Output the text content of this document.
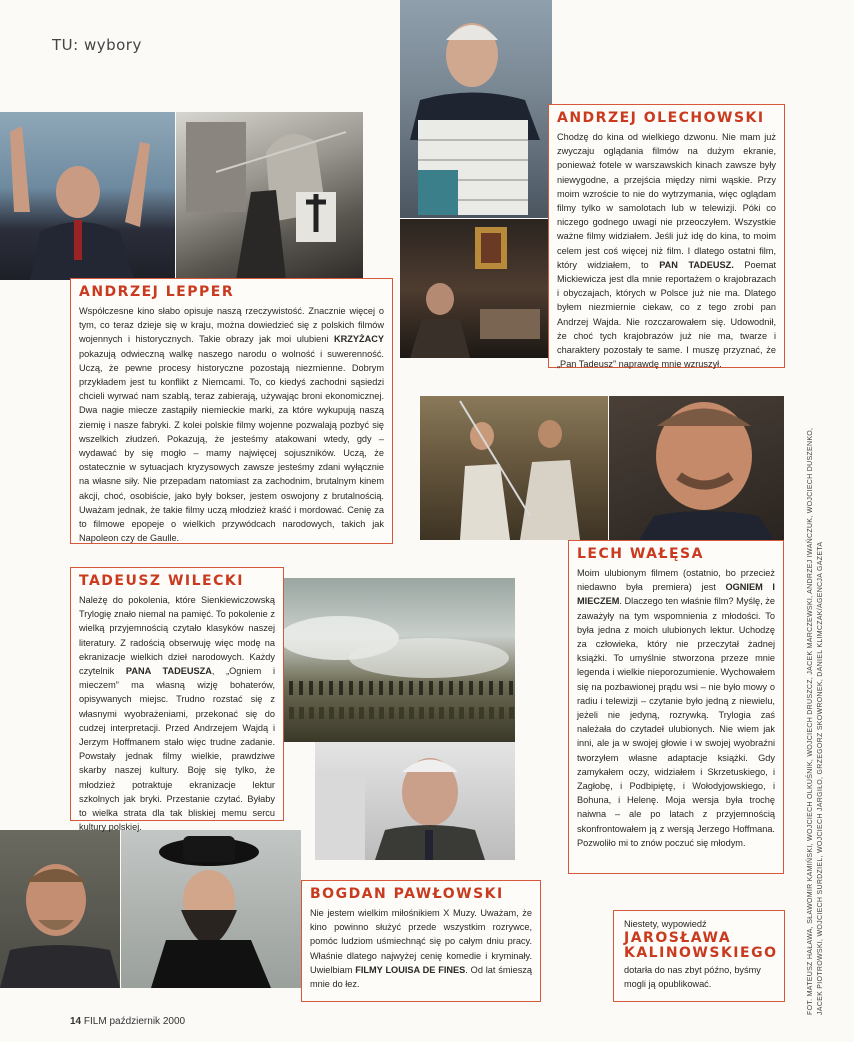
TU: wybory
ANDRZEJ LEPPER

Współczesne kino słabo opisuje naszą rzeczywistość. Znacznie więcej o tym, co teraz dzieje się w kraju, można dowiedzieć się z polskich filmów wojennych i historycznych. Takie obrazy jak moi ulubieni KRZYŻACY pokazują odwieczną walkę naszego narodu o wolność i suwerenność. Uczą, że pewne procesy historyczne pozostają niezmienne. Dobrym przykładem jest tu konflikt z Niemcami. To, co kiedyś zachodni sąsiedzi chcieli wyrwać nam szablą, teraz zabierają, używając broni ekonomicznej. Dwa nagie miecze zastąpiły niemieckie marki, za które wykupują naszą ziemię i nasze fabryki. Z kolei polskie filmy wojenne pozwalają pozbyć się wszelkich złudzeń. Pokazują, że jesteśmy atakowani wtedy, gdy – wydawać by się mogło – mamy najwięcej sojuszników. Uczą, że ostatecznie w sytuacjach kryzysowych zawsze jesteśmy zdani wyłącznie na własne siły. Nie przepadam natomiast za zachodnim, brutalnym kinem akcji, choć, osobiście, jako były bokser, jestem oswojony z brutalnością. Uważam jednak, że takie filmy uczą młodzież kraść i mordować. Cenię za to filmowe epopeje o wielkich przywódcach narodowych, takich jak Napoleon czy de Gaulle.

ANDRZEJ OLECHOWSKI

Chodzę do kina od wielkiego dzwonu. Nie mam już zwyczaju oglądania filmów na dużym ekranie, ponieważ fotele w warszawskich kinach zawsze były niewygodne, a przejścia między nimi wąskie. Przy moim wzroście to nie do wytrzymania, więc oglądam filmy tylko w samolotach lub w telewizji. Póki co niczego godnego uwagi nie przeoczyłem. Wszystkie ważne filmy widziałem. Jeśli już idę do kina, to moim celem jest coś więcej niż film. I dlatego ostatni film, który widziałem, to PAN TADEUSZ. Poemat Mickiewicza jest dla mnie reportażem o krajobrazach i obyczajach, których w Polsce już nie ma. Dlatego byłem niezmiernie ciekaw, co z tego zrobi pan Andrzej Wajda. Nie rozczarowałem się. Udowodnił, że choć tych krajobrazów już nie ma, twarze i charaktery pozostały te same. I muszę przyznać, że „Pan Tadeusz” naprawdę mnie wzruszył.

LECH WAŁĘSA

Moim ulubionym filmem (ostatnio, bo przecież niedawno była premiera) jest OGNIEM I MIECZEM. Dlaczego ten właśnie film? Myślę, że zaważyły na tym wspomnienia z młodości. To była jedna z moich ulubionych lektur. Uchodzę za człowieka, który nie przeczytał żadnej książki. To umyślnie stworzona przeze mnie legenda i wielkie nieporozumienie. Wychowałem się na pozbawionej prądu wsi – nie było mowy o radiu i telewizji – czytanie było jedną z niewielu, jeżeli nie jedyną, rozrywką. Trylogia zaś należała do czytadeł ulubionych. Nie wiem jak inni, ale ja w swojej głowie i w swojej wyobraźni tworzyłem własne adaptacje książki. Gdy zamykałem oczy, widziałem i Skrzetuskiego, i Zagłobę, i Podbipiętę, i Wołodyjowskiego, i Bohuna, i Helenę. Moja wersja była trochę naiwna – ale po latach z przyjemnością skonfrontowałem ją z wersją Jerzego Hoffmana. Pozwoliło mi to znów poczuć się młodym.

TADEUSZ WILECKI

Należę do pokolenia, które Sienkiewiczowską Trylogię znało niemal na pamięć. To pokolenie z wielką przyjemnością czytało klasyków naszej literatury. Z radością obserwuję więc modę na ekranizacje wielkich dzieł narodowych. Każdy czytelnik PANA TADEUSZA, „Ogniem i mieczem” ma własną wizję bohaterów, opisywanych miejsc. Trudno rozstać się z własnymi wyobrażeniami, przekonać się do cudzej interpretacji. Przed Andrzejem Wajdą i Jerzym Hoffmanem stało więc trudne zadanie. Powstały jednak filmy wielkie, prawdziwe skarby naszej kultury. Boję się tylko, że młodzież potraktuje ekranizacje lektur szkolnych jak bryki. Przestanie czytać. Byłaby to wielka strata dla tak bliskiej memu sercu kultury polskiej.

BOGDAN PAWŁOWSKI

Nie jestem wielkim miłośnikiem X Muzy. Uważam, że kino powinno służyć przede wszystkim rozrywce, pomóc ludziom uśmiechnąć się po całym dniu pracy. Właśnie dlatego najwyżej cenię komedie i kryminały. Uwielbiam FILMY LOUISA DE FINES. Od lat śmieszą mnie do łez.

Niestety, wypowiedź
JAROSŁAWA
KALINOWSKIEGO
dotarła do nas zbyt późno, byśmy mogli ją opublikować.
14 FILM październik 2000
FOT. MATEUSZ HAŁAWA, SŁAWOMIR KAMIŃSKI, WOJCIECH OLKUŚNIK, WOJCIECH DRUSZCZ, JACEK MARCZEWSKI, ANDRZEJ IWAŃCZUK, WOJCIECH DUSZENKO, JACEK PIOTROWSKI, WOJCIECH SURDZIEL, WOJCIECH JARGIŁO, GRZEGORZ SKOWRONEK, DANIEL KLIMCZAK/AGENCJA GAZETA
